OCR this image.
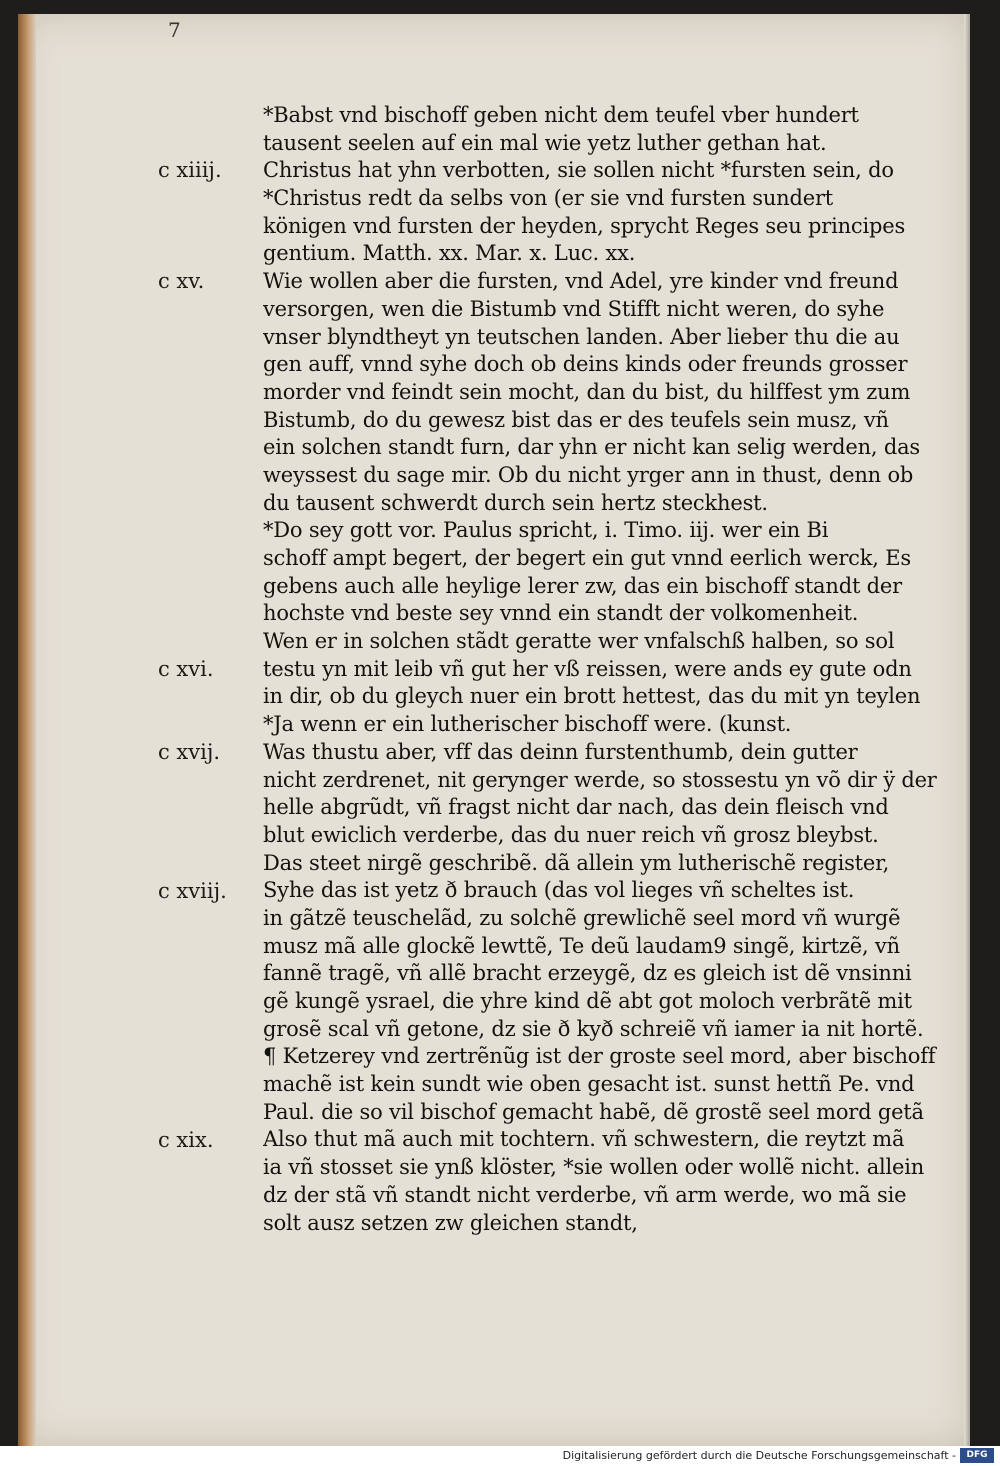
7
*Babst vnd bischoff geben nicht dem teufel vber hundert
tausent seelen auf ein mal wie yetz luther gethan hat.
Christus hat yhn verbotten, sie sollen nicht *fursten sein, do
*Christus redt da selbs von (er sie vnd fursten sundert
königen vnd fursten der heyden, sprycht Reges seu principes
gentium. Matth. xx. Mar. x. Luc. xx.
Wie wollen aber die fursten, vnd Adel, yre kinder vnd freund
versorgen, wen die Bistumb vnd Stifft nicht weren, do syhe
vnser blyndtheyt yn teutschen landen. Aber lieber thu die au
gen auff, vnnd syhe doch ob deins kinds oder freunds grosser
morder vnd feindt sein mocht, dan du bist, du hilffest ym zum
Bistumb, do du gewesz bist das er des teufels sein musz, vñ
ein solchen standt furn, dar yhn er nicht kan selig werden, das
weyssest du sage mir. Ob du nicht yrger ann in thust, denn ob
du tausent schwerdt durch sein hertz steckhest.
*Do sey gott vor. Paulus spricht, i. Timo. iij. wer ein Bi
schoff ampt begert, der begert ein gut vnnd eerlich werck, Es
gebens auch alle heylige lerer zw, das ein bischoff standt der
hochste vnd beste sey vnnd ein standt der volkomenheit.
Wen er in solchen stãdt geratte wer vnfalschß halben, so sol
testu yn mit leib vñ gut her vß reissen, were ands ey gute odn
in dir, ob du gleych nuer ein brott hettest, das du mit yn teylen
*Ja wenn er ein lutherischer bischoff were. (kunst.
Was thustu aber, vff das deinn furstenthumb, dein gutter
nicht zerdrenet, nit gerynger werde, so stossestu yn võ dir ÿ der
helle abgrũdt, vñ fragst nicht dar nach, das dein fleisch vnd
blut ewiclich verderbe, das du nuer reich vñ grosz bleybst.
Das steet nirgẽ geschribẽ. dã allein ym lutherischẽ register,
Syhe das ist yetz ð brauch (das vol lieges vñ scheltes ist.
in gãtzẽ teuschelãd, zu solchẽ grewlichẽ seel mord vñ wurgẽ
musz mã alle glockẽ lewttẽ, Te deũ laudam9 singẽ, kirtzẽ, vñ
fannẽ tragẽ, vñ allẽ bracht erzeygẽ, dz es gleich ist dẽ vnsinni
gẽ kungẽ ysrael, die yhre kind dẽ abt got moloch verbrãtẽ mit
grosẽ scal vñ getone, dz sie ð kyð schreiẽ vñ iamer ia nit hortẽ.
¶ Ketzerey vnd zertrẽnũg ist der groste seel mord, aber bischoff
machẽ ist kein sundt wie oben gesacht ist. sunst hettñ Pe. vnd
Paul. die so vil bischof gemacht habẽ, dẽ grostẽ seel mord getã
Also thut mã auch mit tochtern. vñ schwestern, die reytzt mã
ia vñ stosset sie ynß klöster, *sie wollen oder wollẽ nicht. allein
dz der stã vñ standt nicht verderbe, vñ arm werde, wo mã sie
solt ausz setzen zw gleichen standt,
c xiiij.
c xv.
c xvi.
c xvij.
c xviij.
c xix.
Digitalisierung gefördert durch die Deutsche Forschungsgemeinschaft -	DFG
